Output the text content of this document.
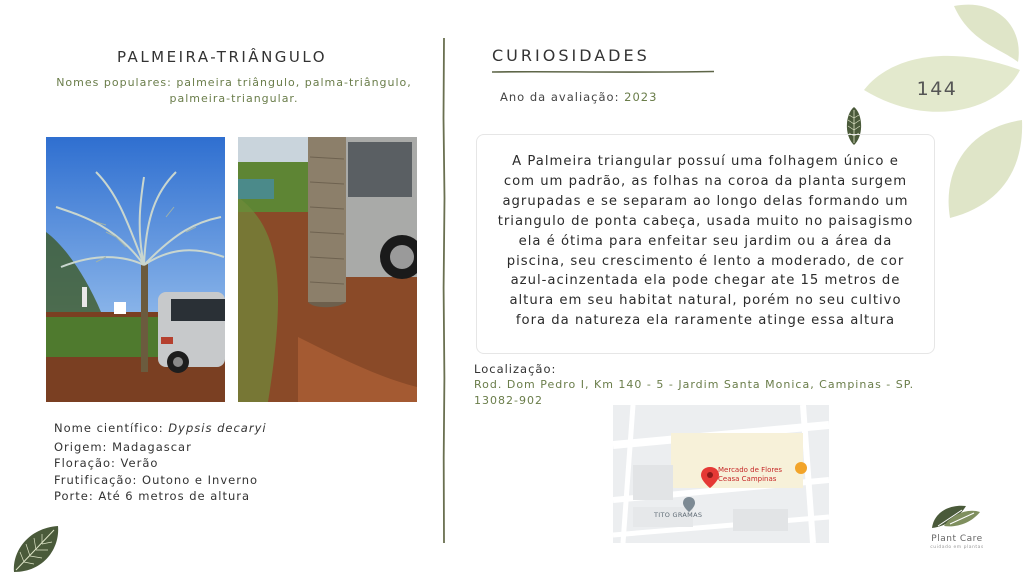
PALMEIRA-TRIÂNGULO
Nomes populares: palmeira triângulo, palma-triângulo,
palmeira-triangular.
Nome científico: Dypsis decaryi
Origem: Madagascar
Floração: Verão
Frutificação: Outono e Inverno
Porte: Até 6 metros de altura
CURIOSIDADES
Ano da avaliação: 2023
A Palmeira triangular possuí uma folhagem único e
com um padrão, as folhas na coroa da planta surgem
agrupadas e se separam ao longo delas formando um
triangulo de ponta cabeça, usada muito no paisagismo
ela é ótima para enfeitar seu jardim ou a área da
piscina, seu crescimento é lento a moderado, de cor
azul-acinzentada ela pode chegar ate 15 metros de
altura em seu habitat natural, porém no seu cultivo
fora da natureza ela raramente atinge essa altura
Localização:
Rod. Dom Pedro I, Km 140 - 5 - Jardim Santa Monica, Campinas - SP.
13082-902
Mercado de Flores
Ceasa Campinas
TITO GRAMAS
144
Plant Care
cuidado em plantas
